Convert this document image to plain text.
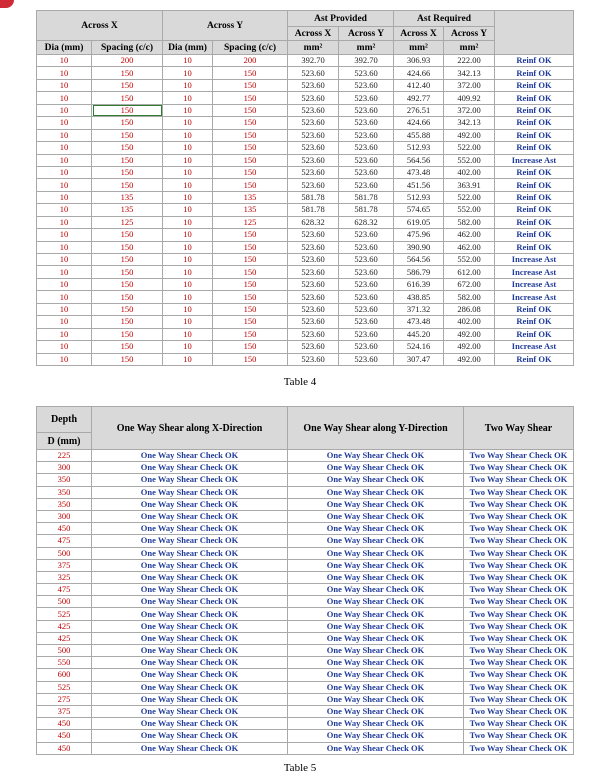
Across X		Across Y		Ast Provided		Ast Required		
				Across X	Across Y	Across X	Across Y	
Dia (mm)	Spacing (c/c)	Dia (mm)	Spacing (c/c)	mm²	mm²	mm²	mm²	
10	200	10	200	392.70	392.70	306.93	222.00	Reinf OK
10	150	10	150	523.60	523.60	424.66	342.13	Reinf OK
10	150	10	150	523.60	523.60	412.40	372.00	Reinf OK
10	150	10	150	523.60	523.60	492.77	409.92	Reinf OK
10	150	10	150	523.60	523.60	276.51	372.00	Reinf OK
10	150	10	150	523.60	523.60	424.66	342.13	Reinf OK
10	150	10	150	523.60	523.60	455.88	492.00	Reinf OK
10	150	10	150	523.60	523.60	512.93	522.00	Reinf OK
10	150	10	150	523.60	523.60	564.56	552.00	Increase Ast
10	150	10	150	523.60	523.60	473.48	402.00	Reinf OK
10	150	10	150	523.60	523.60	451.56	363.91	Reinf OK
10	135	10	135	581.78	581.78	512.93	522.00	Reinf OK
10	135	10	135	581.78	581.78	574.65	552.00	Reinf OK
10	125	10	125	628.32	628.32	619.05	582.00	Reinf OK
10	150	10	150	523.60	523.60	475.96	462.00	Reinf OK
10	150	10	150	523.60	523.60	390.90	462.00	Reinf OK
10	150	10	150	523.60	523.60	564.56	552.00	Increase Ast
10	150	10	150	523.60	523.60	586.79	612.00	Increase Ast
10	150	10	150	523.60	523.60	616.39	672.00	Increase Ast
10	150	10	150	523.60	523.60	438.85	582.00	Increase Ast
10	150	10	150	523.60	523.60	371.32	286.08	Reinf OK
10	150	10	150	523.60	523.60	473.48	402.00	Reinf OK
10	150	10	150	523.60	523.60	445.20	492.00	Reinf OK
10	150	10	150	523.60	523.60	524.16	492.00	Increase Ast
10	150	10	150	523.60	523.60	307.47	492.00	Reinf OK
Table 4
Depth	One Way Shear along X-Direction	One Way Shear along Y-Direction	Two Way Shear
D (mm)			
225	One Way Shear Check OK	One Way Shear Check OK	Two Way Shear Check OK
300	One Way Shear Check OK	One Way Shear Check OK	Two Way Shear Check OK
350	One Way Shear Check OK	One Way Shear Check OK	Two Way Shear Check OK
350	One Way Shear Check OK	One Way Shear Check OK	Two Way Shear Check OK
350	One Way Shear Check OK	One Way Shear Check OK	Two Way Shear Check OK
300	One Way Shear Check OK	One Way Shear Check OK	Two Way Shear Check OK
450	One Way Shear Check OK	One Way Shear Check OK	Two Way Shear Check OK
475	One Way Shear Check OK	One Way Shear Check OK	Two Way Shear Check OK
500	One Way Shear Check OK	One Way Shear Check OK	Two Way Shear Check OK
375	One Way Shear Check OK	One Way Shear Check OK	Two Way Shear Check OK
325	One Way Shear Check OK	One Way Shear Check OK	Two Way Shear Check OK
475	One Way Shear Check OK	One Way Shear Check OK	Two Way Shear Check OK
500	One Way Shear Check OK	One Way Shear Check OK	Two Way Shear Check OK
525	One Way Shear Check OK	One Way Shear Check OK	Two Way Shear Check OK
425	One Way Shear Check OK	One Way Shear Check OK	Two Way Shear Check OK
425	One Way Shear Check OK	One Way Shear Check OK	Two Way Shear Check OK
500	One Way Shear Check OK	One Way Shear Check OK	Two Way Shear Check OK
550	One Way Shear Check OK	One Way Shear Check OK	Two Way Shear Check OK
600	One Way Shear Check OK	One Way Shear Check OK	Two Way Shear Check OK
525	One Way Shear Check OK	One Way Shear Check OK	Two Way Shear Check OK
275	One Way Shear Check OK	One Way Shear Check OK	Two Way Shear Check OK
375	One Way Shear Check OK	One Way Shear Check OK	Two Way Shear Check OK
450	One Way Shear Check OK	One Way Shear Check OK	Two Way Shear Check OK
450	One Way Shear Check OK	One Way Shear Check OK	Two Way Shear Check OK
450	One Way Shear Check OK	One Way Shear Check OK	Two Way Shear Check OK
Table 5
